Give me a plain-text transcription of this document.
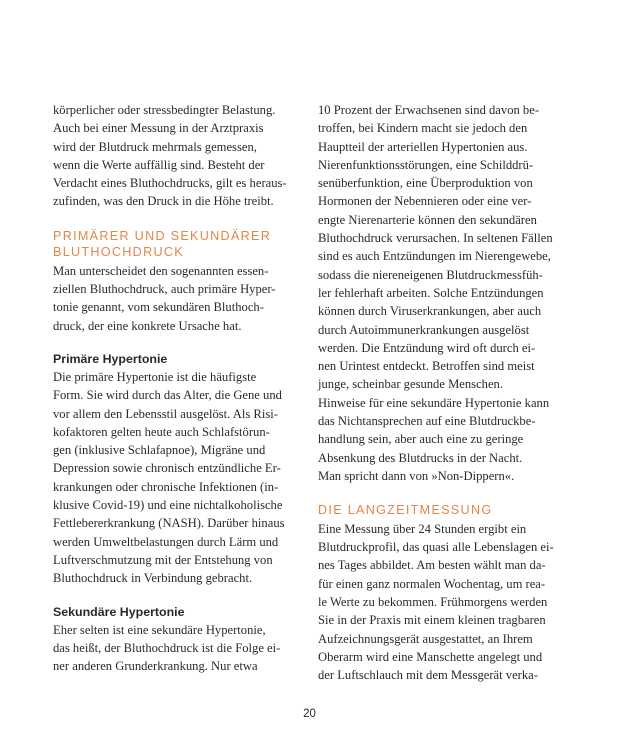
körperlicher oder stressbedingter Belastung.
Auch bei einer Messung in der Arztpraxis
wird der Blutdruck mehrmals gemessen,
wenn die Werte auffällig sind. Besteht der
Verdacht eines Bluthochdrucks, gilt es heraus-
zufinden, was den Druck in die Höhe treibt.

PRIMÄRER UND SEKUNDÄRER
BLUTHOCHDRUCK

Man unterscheidet den sogenannten essen-
ziellen Bluthochdruck, auch primäre Hyper-
tonie genannt, vom sekundären Bluthoch-
druck, der eine konkrete Ursache hat.

Primäre Hypertonie

Die primäre Hypertonie ist die häufigste
Form. Sie wird durch das Alter, die Gene und
vor allem den Lebensstil ausgelöst. Als Risi-
kofaktoren gelten heute auch Schlafstörun-
gen (inklusive Schlafapnoe), Migräne und
Depression sowie chronisch entzündliche Er-
krankungen oder chronische Infektionen (in-
klusive Covid-19) und eine nichtalkoholische
Fettlebererkrankung (NASH). Darüber hinaus
werden Umweltbelastungen durch Lärm und
Luftverschmutzung mit der Entstehung von
Bluthochdruck in Verbindung gebracht.

Sekundäre Hypertonie

Eher selten ist eine sekundäre Hypertonie,
das heißt, der Bluthochdruck ist die Folge ei-
ner anderen Grunderkrankung. Nur etwa

10 Prozent der Erwachsenen sind davon be-
troffen, bei Kindern macht sie jedoch den
Hauptteil der arteriellen Hypertonien aus.
Nierenfunktionsstörungen, eine Schilddrü-
senüberfunktion, eine Überproduktion von
Hormonen der Nebennieren oder eine ver-
engte Nierenarterie können den sekundären
Bluthochdruck verursachen. In seltenen Fällen
sind es auch Entzündungen im Nierengewebe,
sodass die niereneigenen Blutdruckmessfüh-
ler fehlerhaft arbeiten. Solche Entzündungen
können durch Viruserkrankungen, aber auch
durch Autoimmunerkrankungen ausgelöst
werden. Die Entzündung wird oft durch ei-
nen Urintest entdeckt. Betroffen sind meist
junge, scheinbar gesunde Menschen.
Hinweise für eine sekundäre Hypertonie kann
das Nichtansprechen auf eine Blutdruckbe-
handlung sein, aber auch eine zu geringe
Absenkung des Blutdrucks in der Nacht.
Man spricht dann von »Non-Dippern«.

DIE LANGZEITMESSUNG

Eine Messung über 24 Stunden ergibt ein
Blutdruckprofil, das quasi alle Lebenslagen ei-
nes Tages abbildet. Am besten wählt man da-
für einen ganz normalen Wochentag, um rea-
le Werte zu bekommen. Frühmorgens werden
Sie in der Praxis mit einem kleinen tragbaren
Aufzeichnungsgerät ausgestattet, an Ihrem
Oberarm wird eine Manschette angelegt und
der Luftschlauch mit dem Messgerät verka-

20
